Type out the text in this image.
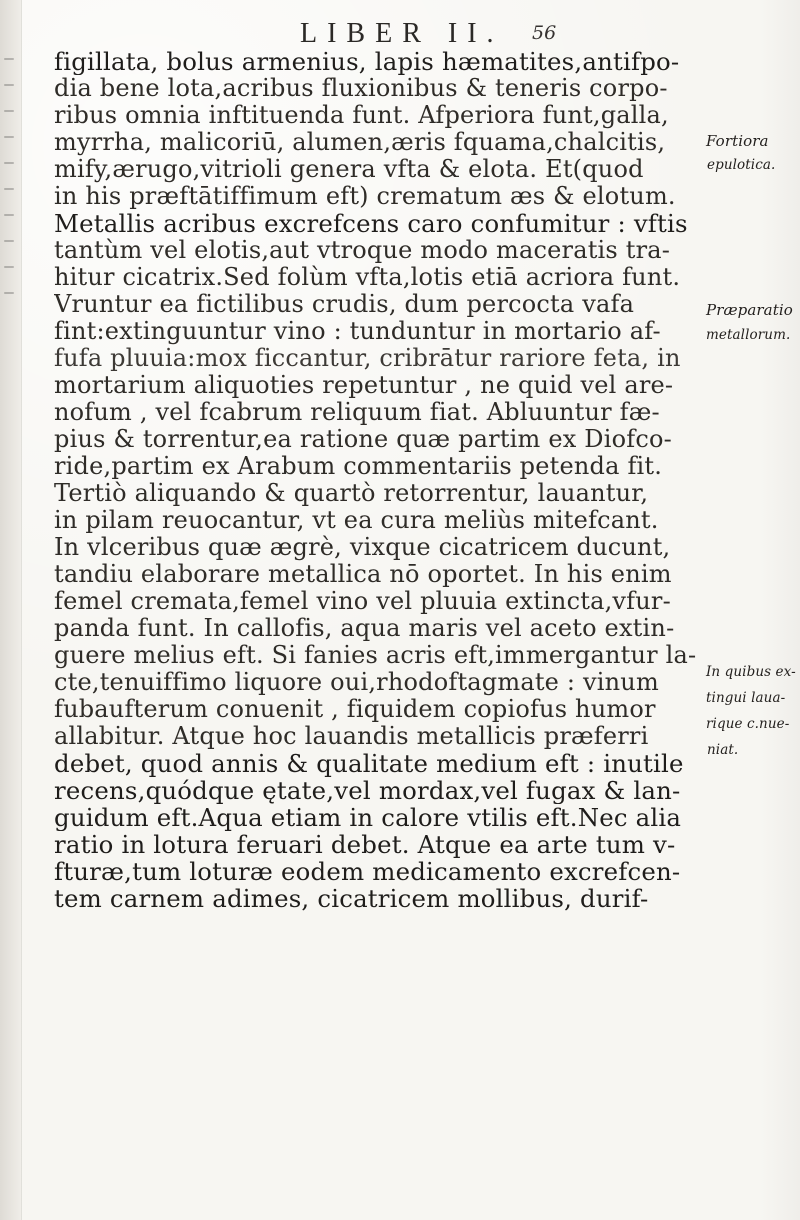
LIBER II. 56
figillata, bolus armenius, lapis hæmatites,antifpo-
dia bene lota,acribus fluxionibus & teneris corpo-
ribus omnia inftituenda funt. Afperiora funt,galla,
myrrha, malicoriū, alumen,æris fquama,chalcitis,
mify,ærugo,vitrioli genera vfta & elota. Et(quod
in his præftātiffimum eft) crematum æs & elotum.
Metallis acribus excrefcens caro confumitur : vftis
tantùm vel elotis,aut vtroque modo maceratis tra-
hitur cicatrix.Sed folùm vfta,lotis etiā acriora funt.
Vruntur ea fictilibus crudis, dum percocta vafa
fint:extinguuntur vino : tunduntur in mortario af-
fufa pluuia:mox ficcantur, cribrātur rariore feta, in
mortarium aliquoties repetuntur , ne quid vel are-
nofum , vel fcabrum reliquum fiat. Abluuntur fæ-
pius & torrentur,ea ratione quæ partim ex Diofco-
ride,partim ex Arabum commentariis petenda fit.
Tertiò aliquando & quartò retorrentur, lauantur,
in pilam reuocantur, vt ea cura meliùs mitefcant.
In vlceribus quæ ægrè, vixque cicatricem ducunt,
tandiu elaborare metallica nō oportet. In his enim
femel cremata,femel vino vel pluuia extincta,vfur-
panda funt. In callofis, aqua maris vel aceto extin-
guere melius eft. Si fanies acris eft,immergantur la-
cte,tenuiffimo liquore oui,rhodoftagmate : vinum
fubaufterum conuenit , fiquidem copiofus humor
allabitur. Atque hoc lauandis metallicis præferri
debet, quod annis & qualitate medium eft : inutile
recens,quódque ętate,vel mordax,vel fugax & lan-
guidum eft.Aqua etiam in calore vtilis eft.Nec alia
ratio in lotura feruari debet. Atque ea arte tum v-
fturæ,tum loturæ eodem medicamento excrefcen-
tem carnem adimes, cicatricem mollibus, durif-
Fortiora
epulotica.
Præparatio
metallorum.
In quibus ex-
tingui laua-
rique c.nue-
niat.
